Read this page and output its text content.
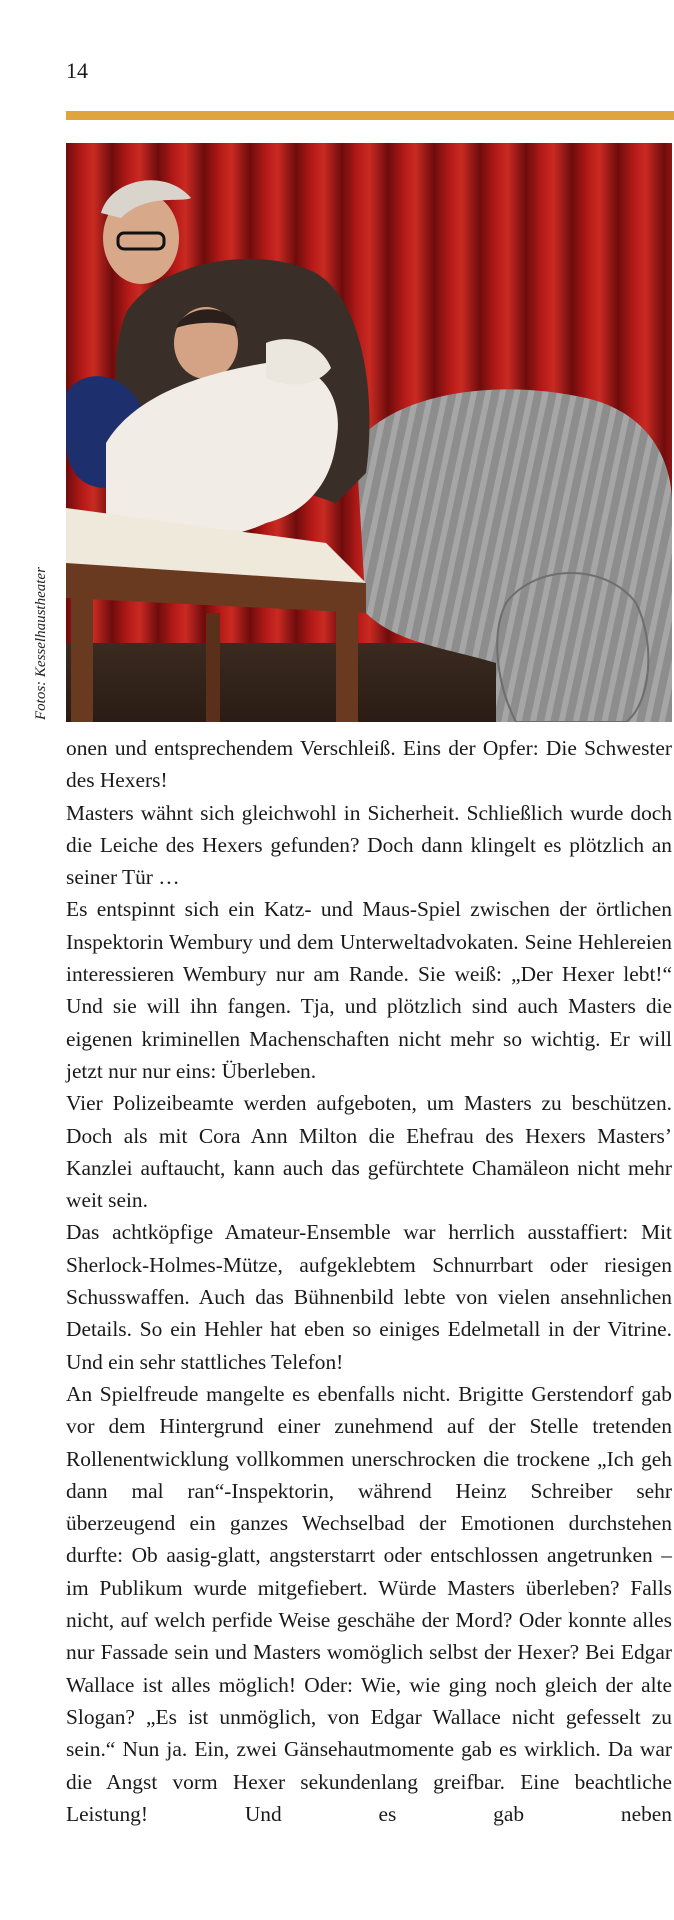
14
Fotos: Kesselhaustheater

onen und entsprechendem Verschleiß. Eins der Opfer: Die Schwester des Hexers!

Masters wähnt sich gleichwohl in Sicherheit. Schließlich wurde doch die Leiche des Hexers gefunden? Doch dann klingelt es plötzlich an seiner Tür …

Es entspinnt sich ein Katz- und Maus-Spiel zwischen der örtlichen Inspektorin Wembury und dem Unterweltadvokaten. Seine Hehlereien interessieren Wembury nur am Rande. Sie weiß: „Der Hexer lebt!“ Und sie will ihn fangen. Tja, und plötzlich sind auch Masters die eigenen kriminellen Machenschaften nicht mehr so wichtig. Er will jetzt nur nur eins: Überleben.

Vier Polizeibeamte werden aufgeboten, um Masters zu beschützen. Doch als mit Cora Ann Milton die Ehefrau des Hexers Masters’ Kanzlei auftaucht, kann auch das gefürchtete Chamäleon nicht mehr weit sein.

Das achtköpfige Amateur-Ensemble war herrlich ausstaffiert: Mit Sherlock-Holmes-Mütze, aufgeklebtem Schnurrbart oder riesigen Schusswaffen. Auch das Bühnenbild lebte von vielen ansehnlichen Details. So ein Hehler hat eben so einiges Edelmetall in der Vitrine. Und ein sehr stattliches Telefon!

An Spielfreude mangelte es ebenfalls nicht. Brigitte Gerstendorf gab vor dem Hintergrund einer zunehmend auf der Stelle tretenden Rollenentwicklung vollkommen unerschrocken die trockene „Ich geh dann mal ran“-Inspektorin, während Heinz Schreiber sehr überzeugend ein ganzes Wechselbad der Emotionen durchstehen durfte: Ob aasig-glatt, angsterstarrt oder entschlossen angetrunken – im Publikum wurde mitgefiebert. Würde Masters überleben? Falls nicht, auf welch perfide Weise geschähe der Mord? Oder konnte alles nur Fassade sein und Masters womöglich selbst der Hexer? Bei Edgar Wallace ist alles möglich! Oder: Wie, wie ging noch gleich der alte Slogan? „Es ist unmöglich, von Edgar Wallace nicht gefesselt zu sein.“ Nun ja. Ein, zwei Gänsehautmomente gab es wirklich. Da war die Angst vorm Hexer sekundenlang greifbar. Eine beachtliche Leistung! Und es gab neben
